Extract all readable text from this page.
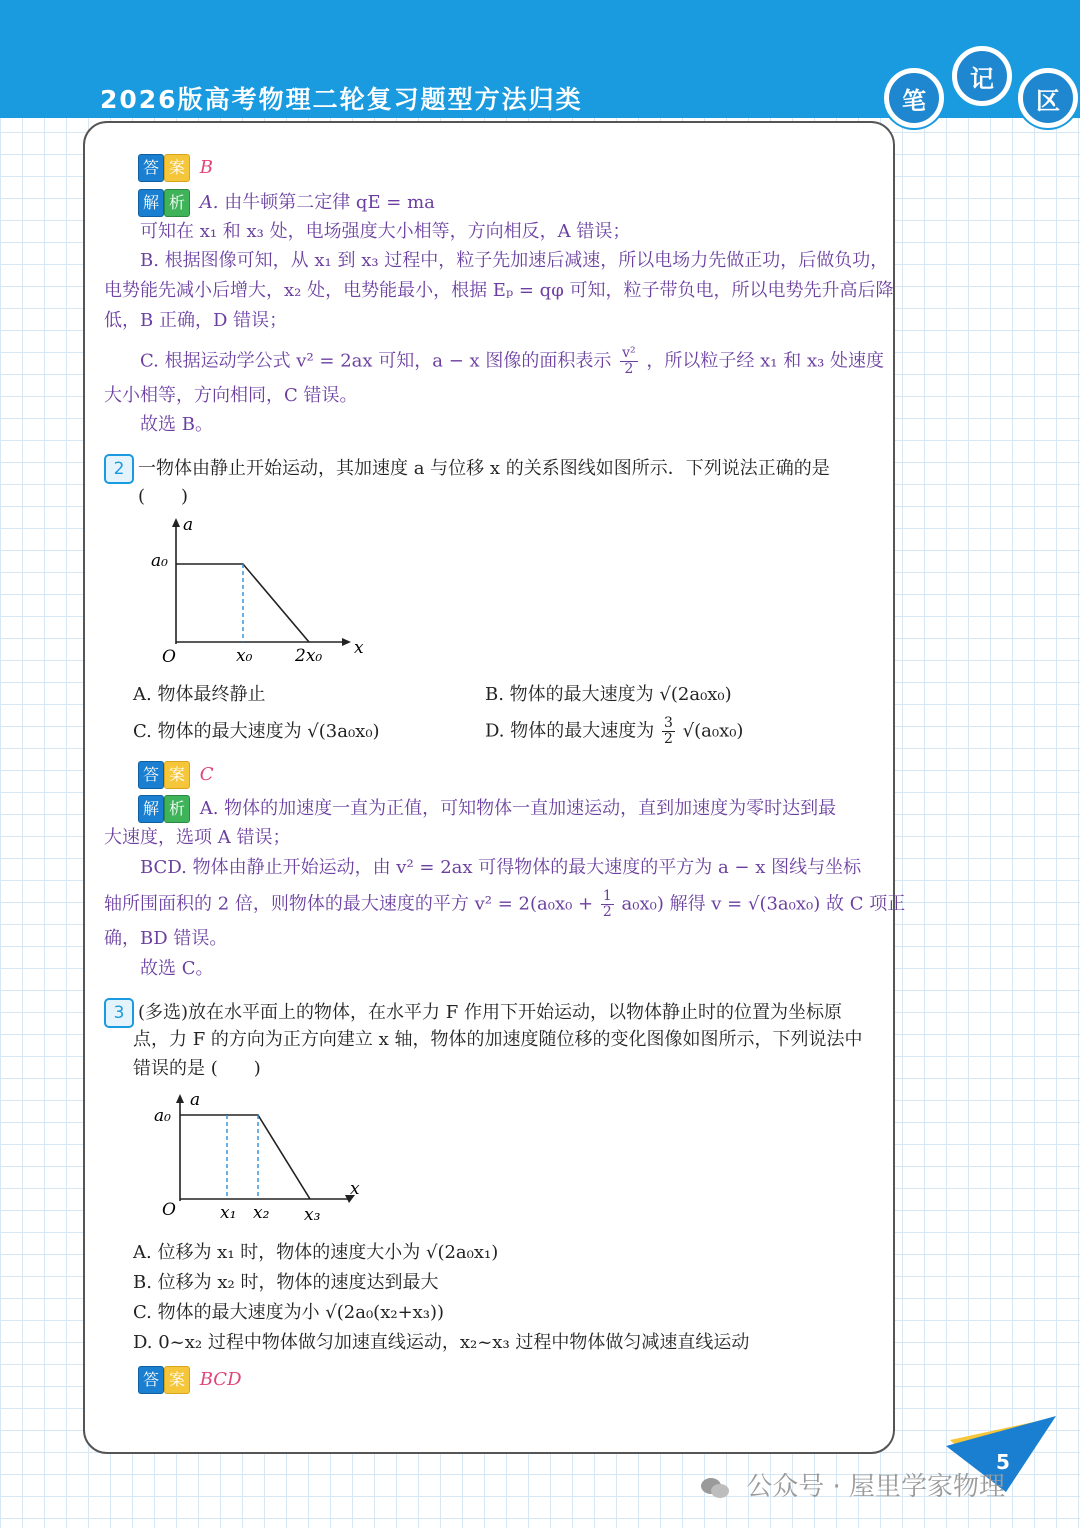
2026版高考物理二轮复习题型方法归类	笔
记
区
答 案 B
解 析 A. 由牛顿第二定律 qE = ma
可知在 x₁ 和 x₃ 处，电场强度大小相等，方向相反，A 错误；
B. 根据图像可知，从 x₁ 到 x₃ 过程中，粒子先加速后减速，所以电场力先做正功，后做负功，
电势能先减小后增大，x₂ 处，电势能最小，根据 Eₚ = qφ 可知，粒子带负电，所以电势先升高后降
低，B 正确，D 错误；
C. 根据运动学公式 v² = 2ax 可知，a − x 图像的面积表示 $\frac{\text{v²}}{2}$ ，所以粒子经 x₁ 和 x₃ 处速度
大小相等，方向相同，C 错误。
故选 B。
2 一物体由静止开始运动，其加速度 a 与位移 x 的关系图线如图所示．下列说法正确的是
(　　)
a
a₀
O	x₀	2x₀ x
A. 物体最终静止	B. 物体的最大速度为 √(2a₀x₀)
C. 物体的最大速度为 √(3a₀x₀)	D. 物体的最大速度为 $\frac{3}{2} √(a_0x_0)$
答 案 C
解 析 A. 物体的加速度一直为正值，可知物体一直加速运动，直到加速度为零时达到最
大速度，选项 A 错误；
BCD. 物体由静止开始运动，由 v² = 2ax 可得物体的最大速度的平方为 a − x 图线与坐标
轴所围面积的 2 倍，则物体的最大速度的平方 $v^2 = 2(a_0x_0 + \frac{1}{2} a_0x_0)$ 解得 v = √(3a₀x₀) 故 C 项正
确，BD 错误。
故选 C。
3 (多选)放在水平面上的物体，在水平力 F 作用下开始运动，以物体静止时的位置为坐标原
点，力 F 的方向为正方向建立 x 轴，物体的加速度随位移的变化图像如图所示，下列说法中
错误的是 (　　)
a
a₀
O	x₁ x₂ x₃
x
A. 位移为 x₁ 时，物体的速度大小为 √(2a₀x₁)
B. 位移为 x₂ 时，物体的速度达到最大
C. 物体的最大速度为小 √(2a₀(x₂+x₃))
D. 0~x₂ 过程中物体做匀加速直线运动，x₂~x₃ 过程中物体做匀减速直线运动
答 案 BCD
5
公众号 · 屋里学家物理
